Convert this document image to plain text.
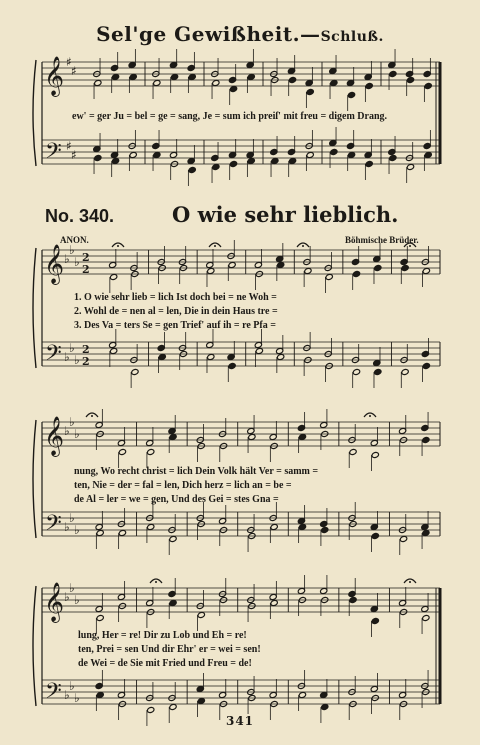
Sel'ge Gewißheit.—Schluß.
ew' = ger Ju = bel = ge = sang, Je = sum ich preiſ' mit freu = digem Drang.
No. 340.	O wie sehr lieblich.
ANON.	Böhmische Brüder.
1. O wie sehr lieb = lich Ist doch bei = ne Woh =
2. Wohl de = nen al = len, Die in dein Haus tre =
3. Des Va = ters Se = gen Trief' auf ih = re Pfa =
nung, Wo recht christ = lich Dein Volk hält Ver = samm =
ten, Nie = der = fal = len, Dich herz = lich an = be =
de Al = ler = we = gen, Und des Gei = stes Gna =
lung, Her = re! Dir zu Lob und Eh = re!
ten, Prei = sen Und dir Ehr' er = wei = sen!
de Wei = de Sie mit Fried und Freu = de!
341
𝄞
𝄢
♯
♯
♯
♯
𝄞
𝄢
♭
♭
♭
♭
♭
♭
2
2
2
2
𝄞
𝄢
♭
♭
♭
♭
♭
♭
𝄞
𝄢
♭
♭
♭
♭
♭
♭
